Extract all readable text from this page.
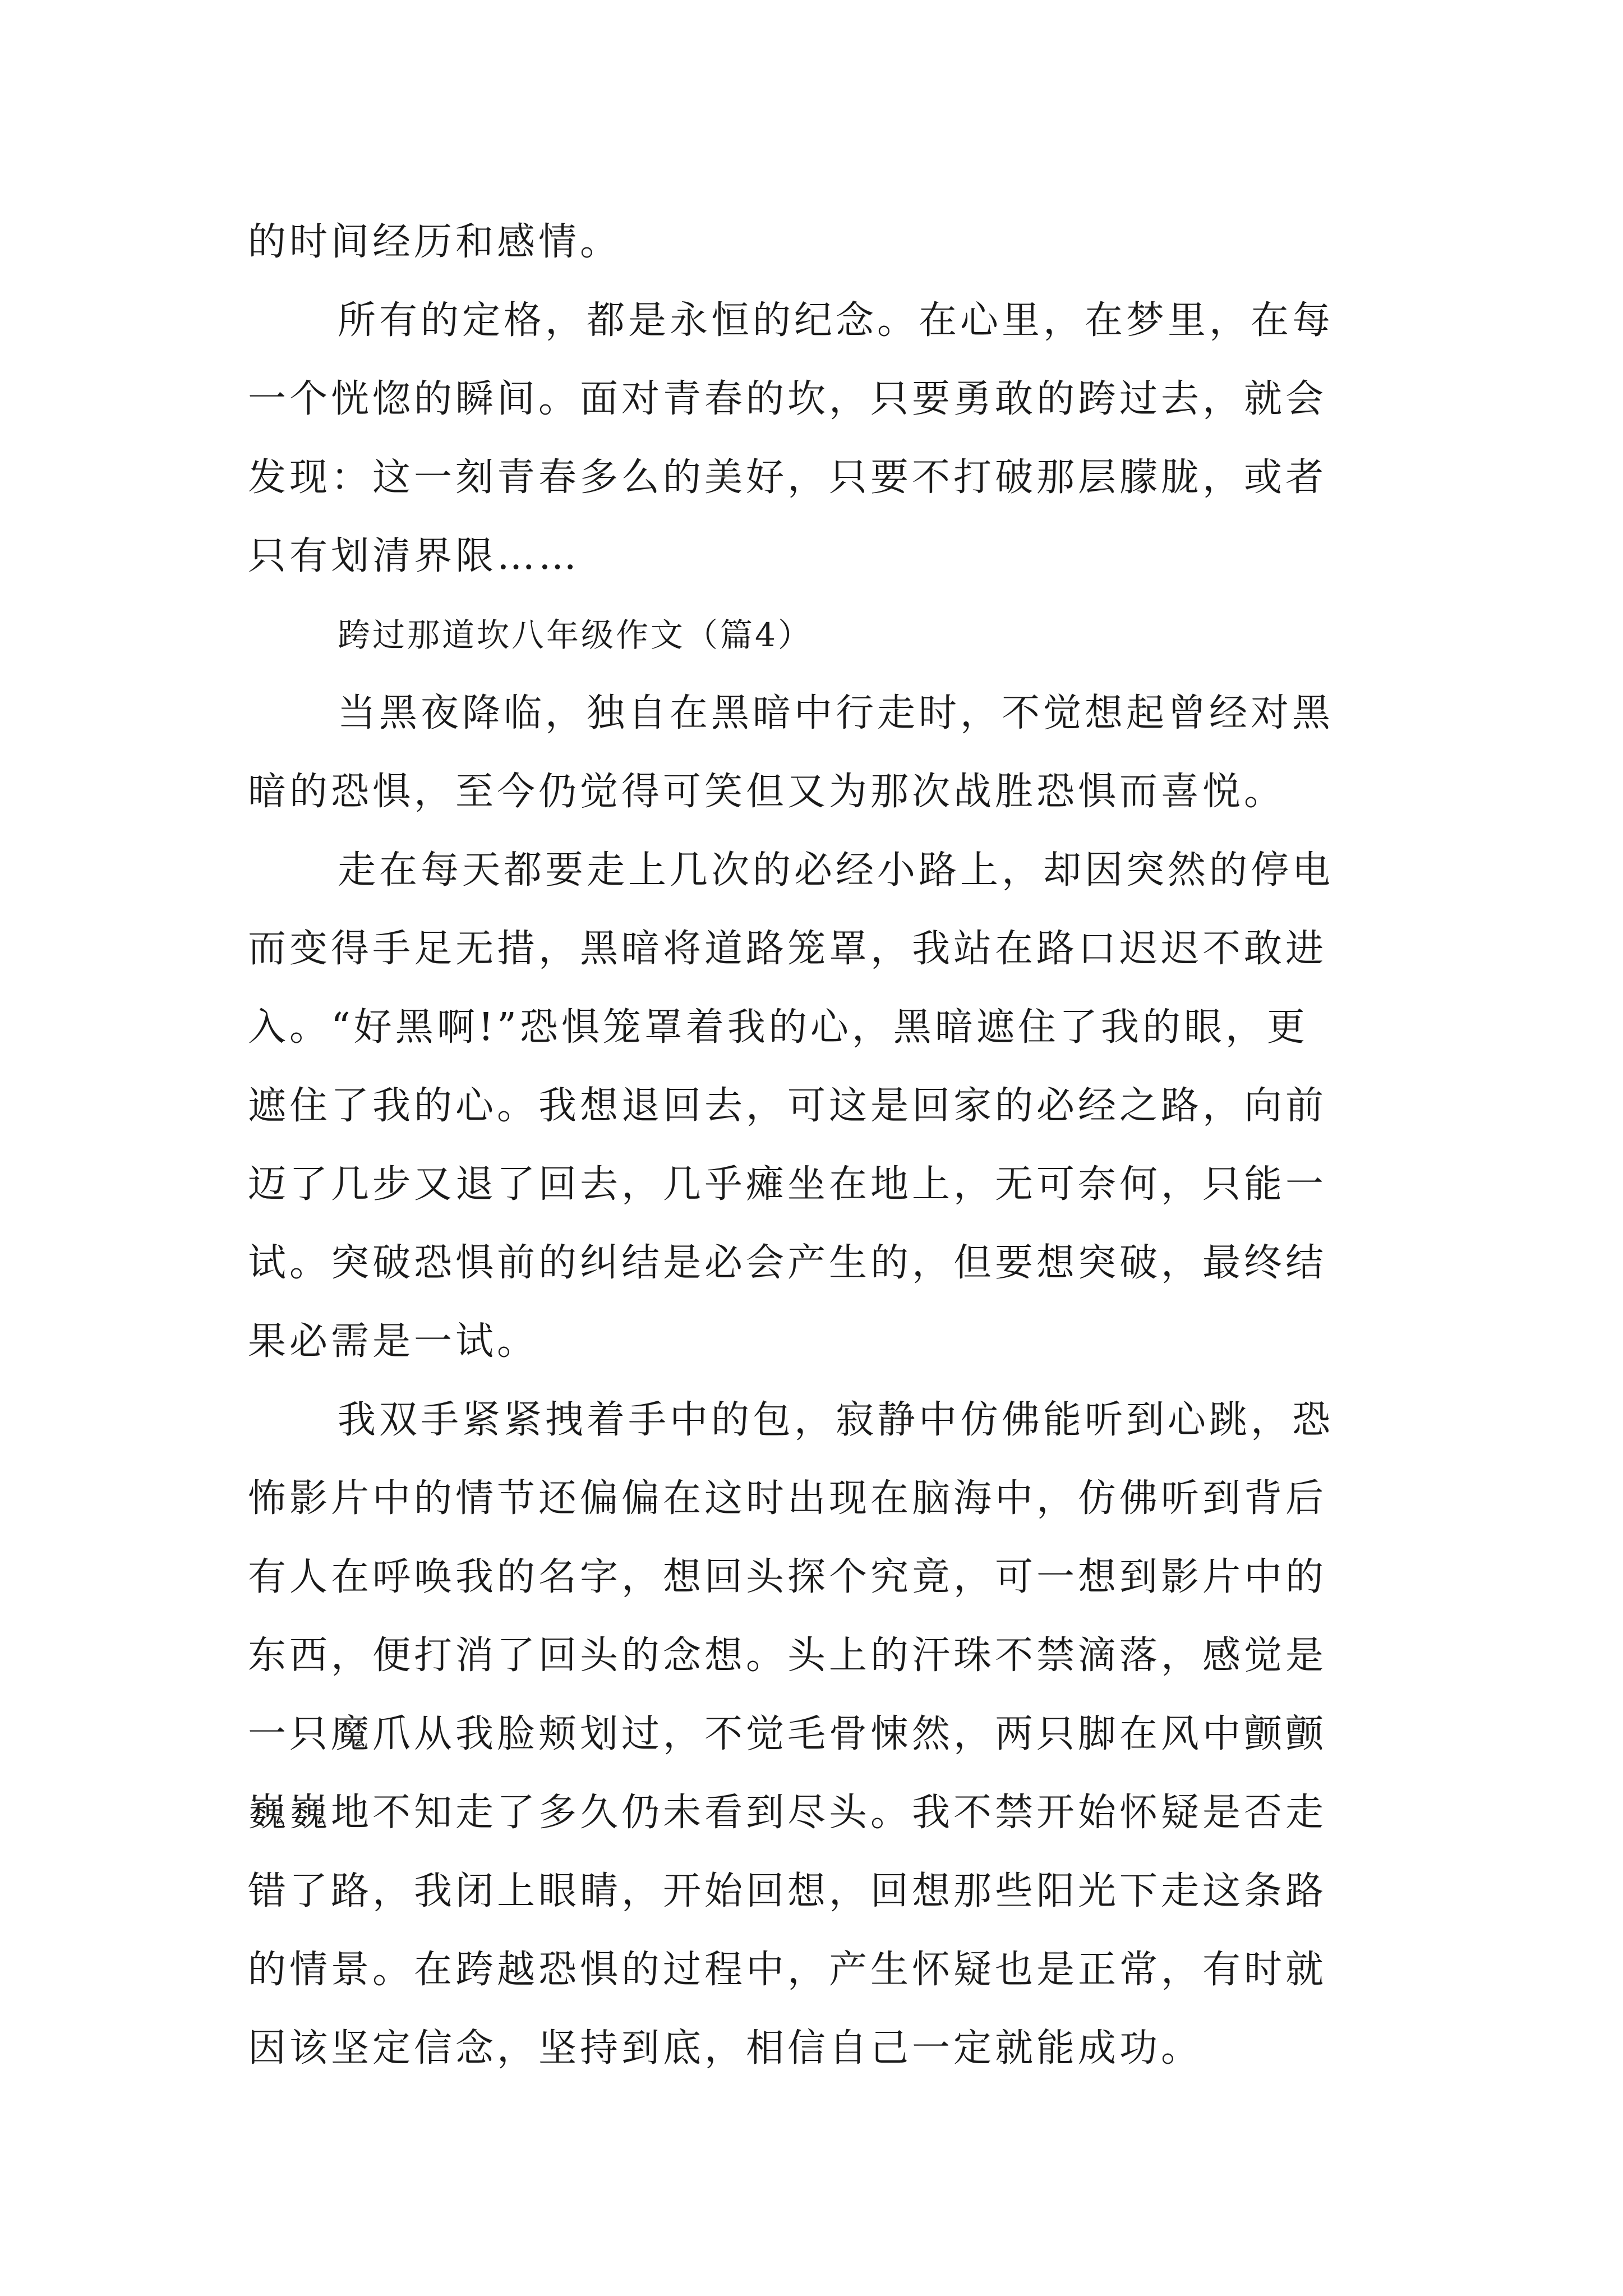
的时间经历和感情。
所有的定格，都是永恒的纪念。在心里，在梦里，在每
一个恍惚的瞬间。面对青春的坎，只要勇敢的跨过去，就会
发现：这一刻青春多么的美好，只要不打破那层朦胧，或者
只有划清界限……
跨过那道坎八年级作文（篇4）
当黑夜降临，独自在黑暗中行走时，不觉想起曾经对黑
暗的恐惧，至今仍觉得可笑但又为那次战胜恐惧而喜悦。
走在每天都要走上几次的必经小路上，却因突然的停电
而变得手足无措，黑暗将道路笼罩，我站在路口迟迟不敢进
入。“好黑啊!”恐惧笼罩着我的心，黑暗遮住了我的眼，更
遮住了我的心。我想退回去，可这是回家的必经之路，向前
迈了几步又退了回去，几乎瘫坐在地上，无可奈何，只能一
试。突破恐惧前的纠结是必会产生的，但要想突破，最终结
果必需是一试。
我双手紧紧拽着手中的包，寂静中仿佛能听到心跳，恐
怖影片中的情节还偏偏在这时出现在脑海中，仿佛听到背后
有人在呼唤我的名字，想回头探个究竟，可一想到影片中的
东西，便打消了回头的念想。头上的汗珠不禁滴落，感觉是
一只魔爪从我脸颊划过，不觉毛骨悚然，两只脚在风中颤颤
巍巍地不知走了多久仍未看到尽头。我不禁开始怀疑是否走
错了路，我闭上眼睛，开始回想，回想那些阳光下走这条路
的情景。在跨越恐惧的过程中，产生怀疑也是正常，有时就
因该坚定信念，坚持到底，相信自己一定就能成功。
